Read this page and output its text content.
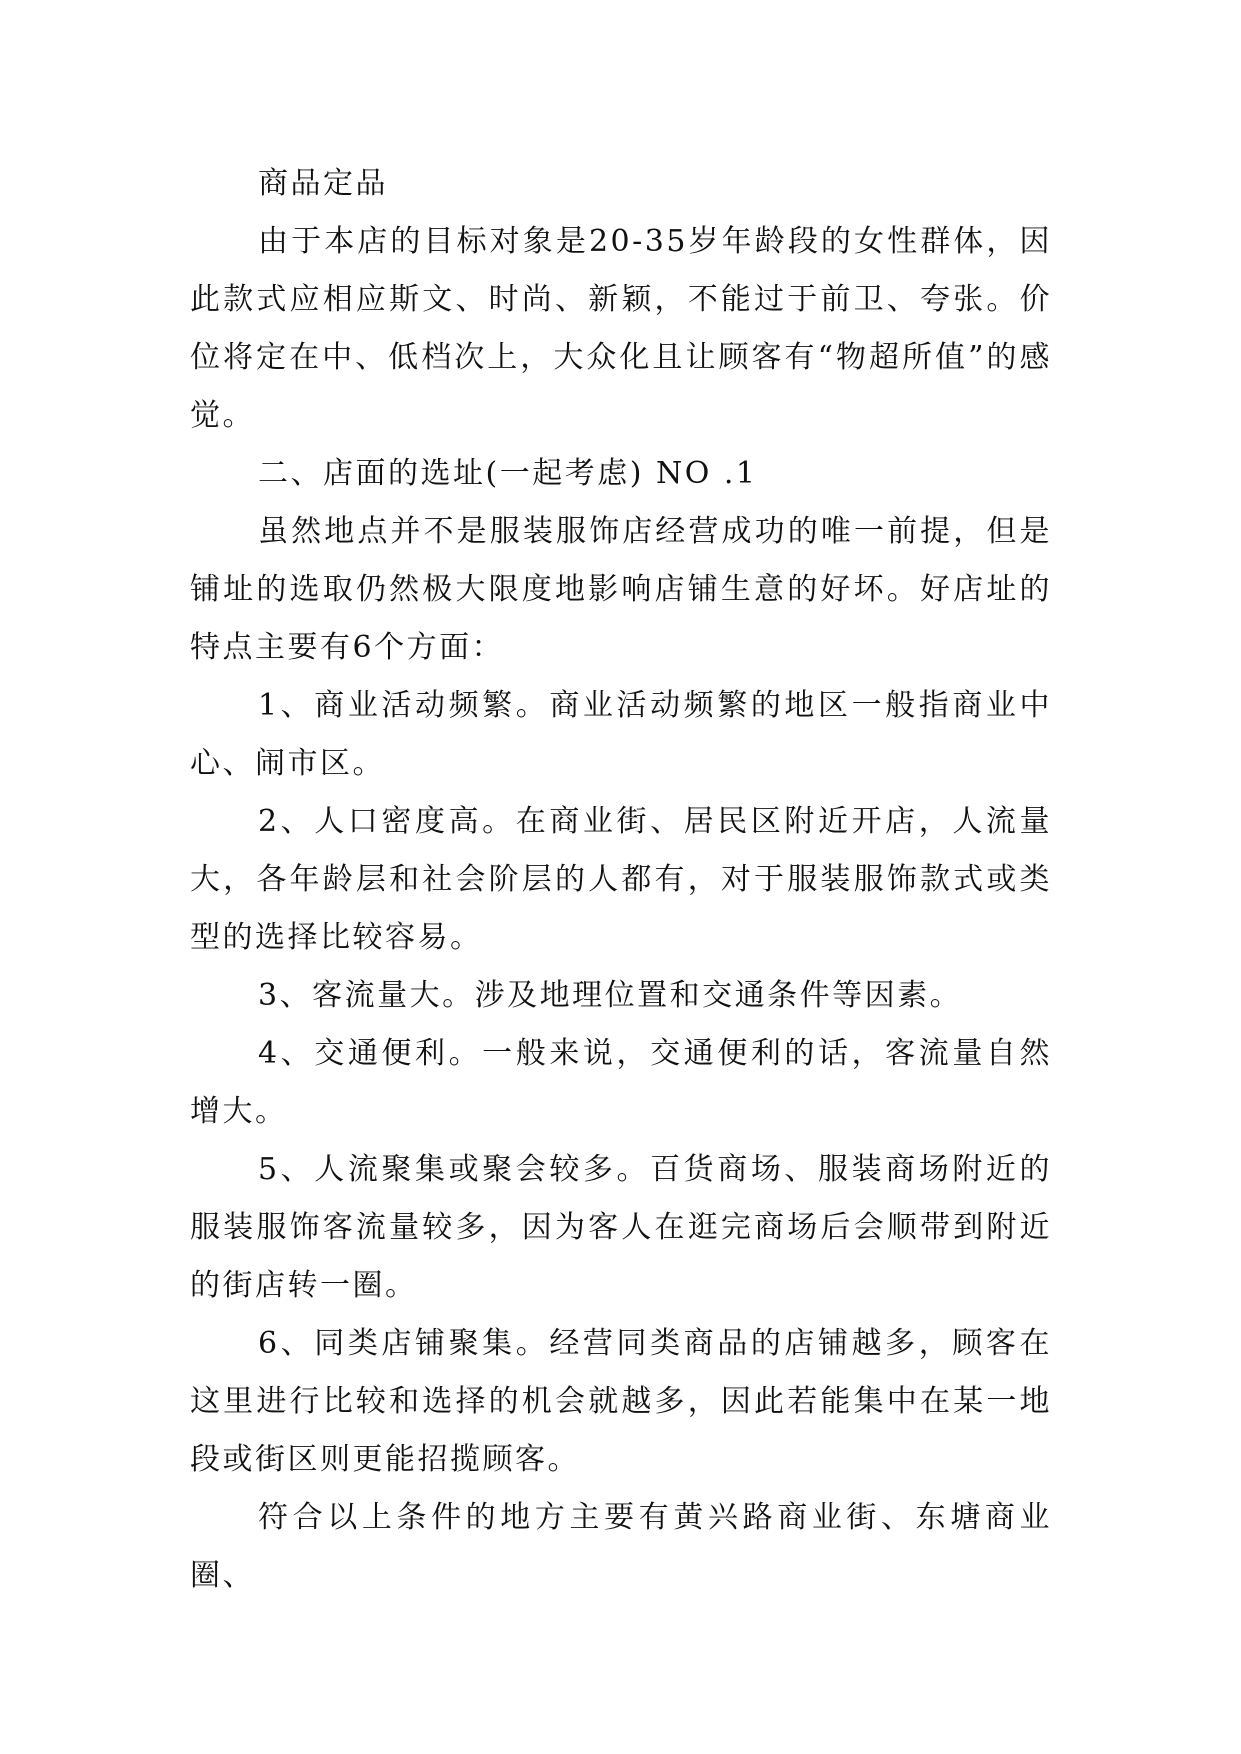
商品定品

由于本店的目标对象是20-35岁年龄段的女性群体，因此款式应相应斯文、时尚、新颖，不能过于前卫、夸张。价位将定在中、低档次上，大众化且让顾客有“物超所值”的感觉。

二、店面的选址(一起考虑) NO .1

虽然地点并不是服装服饰店经营成功的唯一前提，但是铺址的选取仍然极大限度地影响店铺生意的好坏。好店址的特点主要有6个方面：

1、商业活动频繁。商业活动频繁的地区一般指商业中心、闹市区。

2、人口密度高。在商业街、居民区附近开店，人流量大，各年龄层和社会阶层的人都有，对于服装服饰款式或类型的选择比较容易。

3、客流量大。涉及地理位置和交通条件等因素。

4、交通便利。一般来说，交通便利的话，客流量自然增大。

5、人流聚集或聚会较多。百货商场、服装商场附近的服装服饰客流量较多，因为客人在逛完商场后会顺带到附近的街店转一圈。

6、同类店铺聚集。经营同类商品的店铺越多，顾客在这里进行比较和选择的机会就越多，因此若能集中在某一地段或街区则更能招揽顾客。

符合以上条件的地方主要有黄兴路商业街、东塘商业圈、
